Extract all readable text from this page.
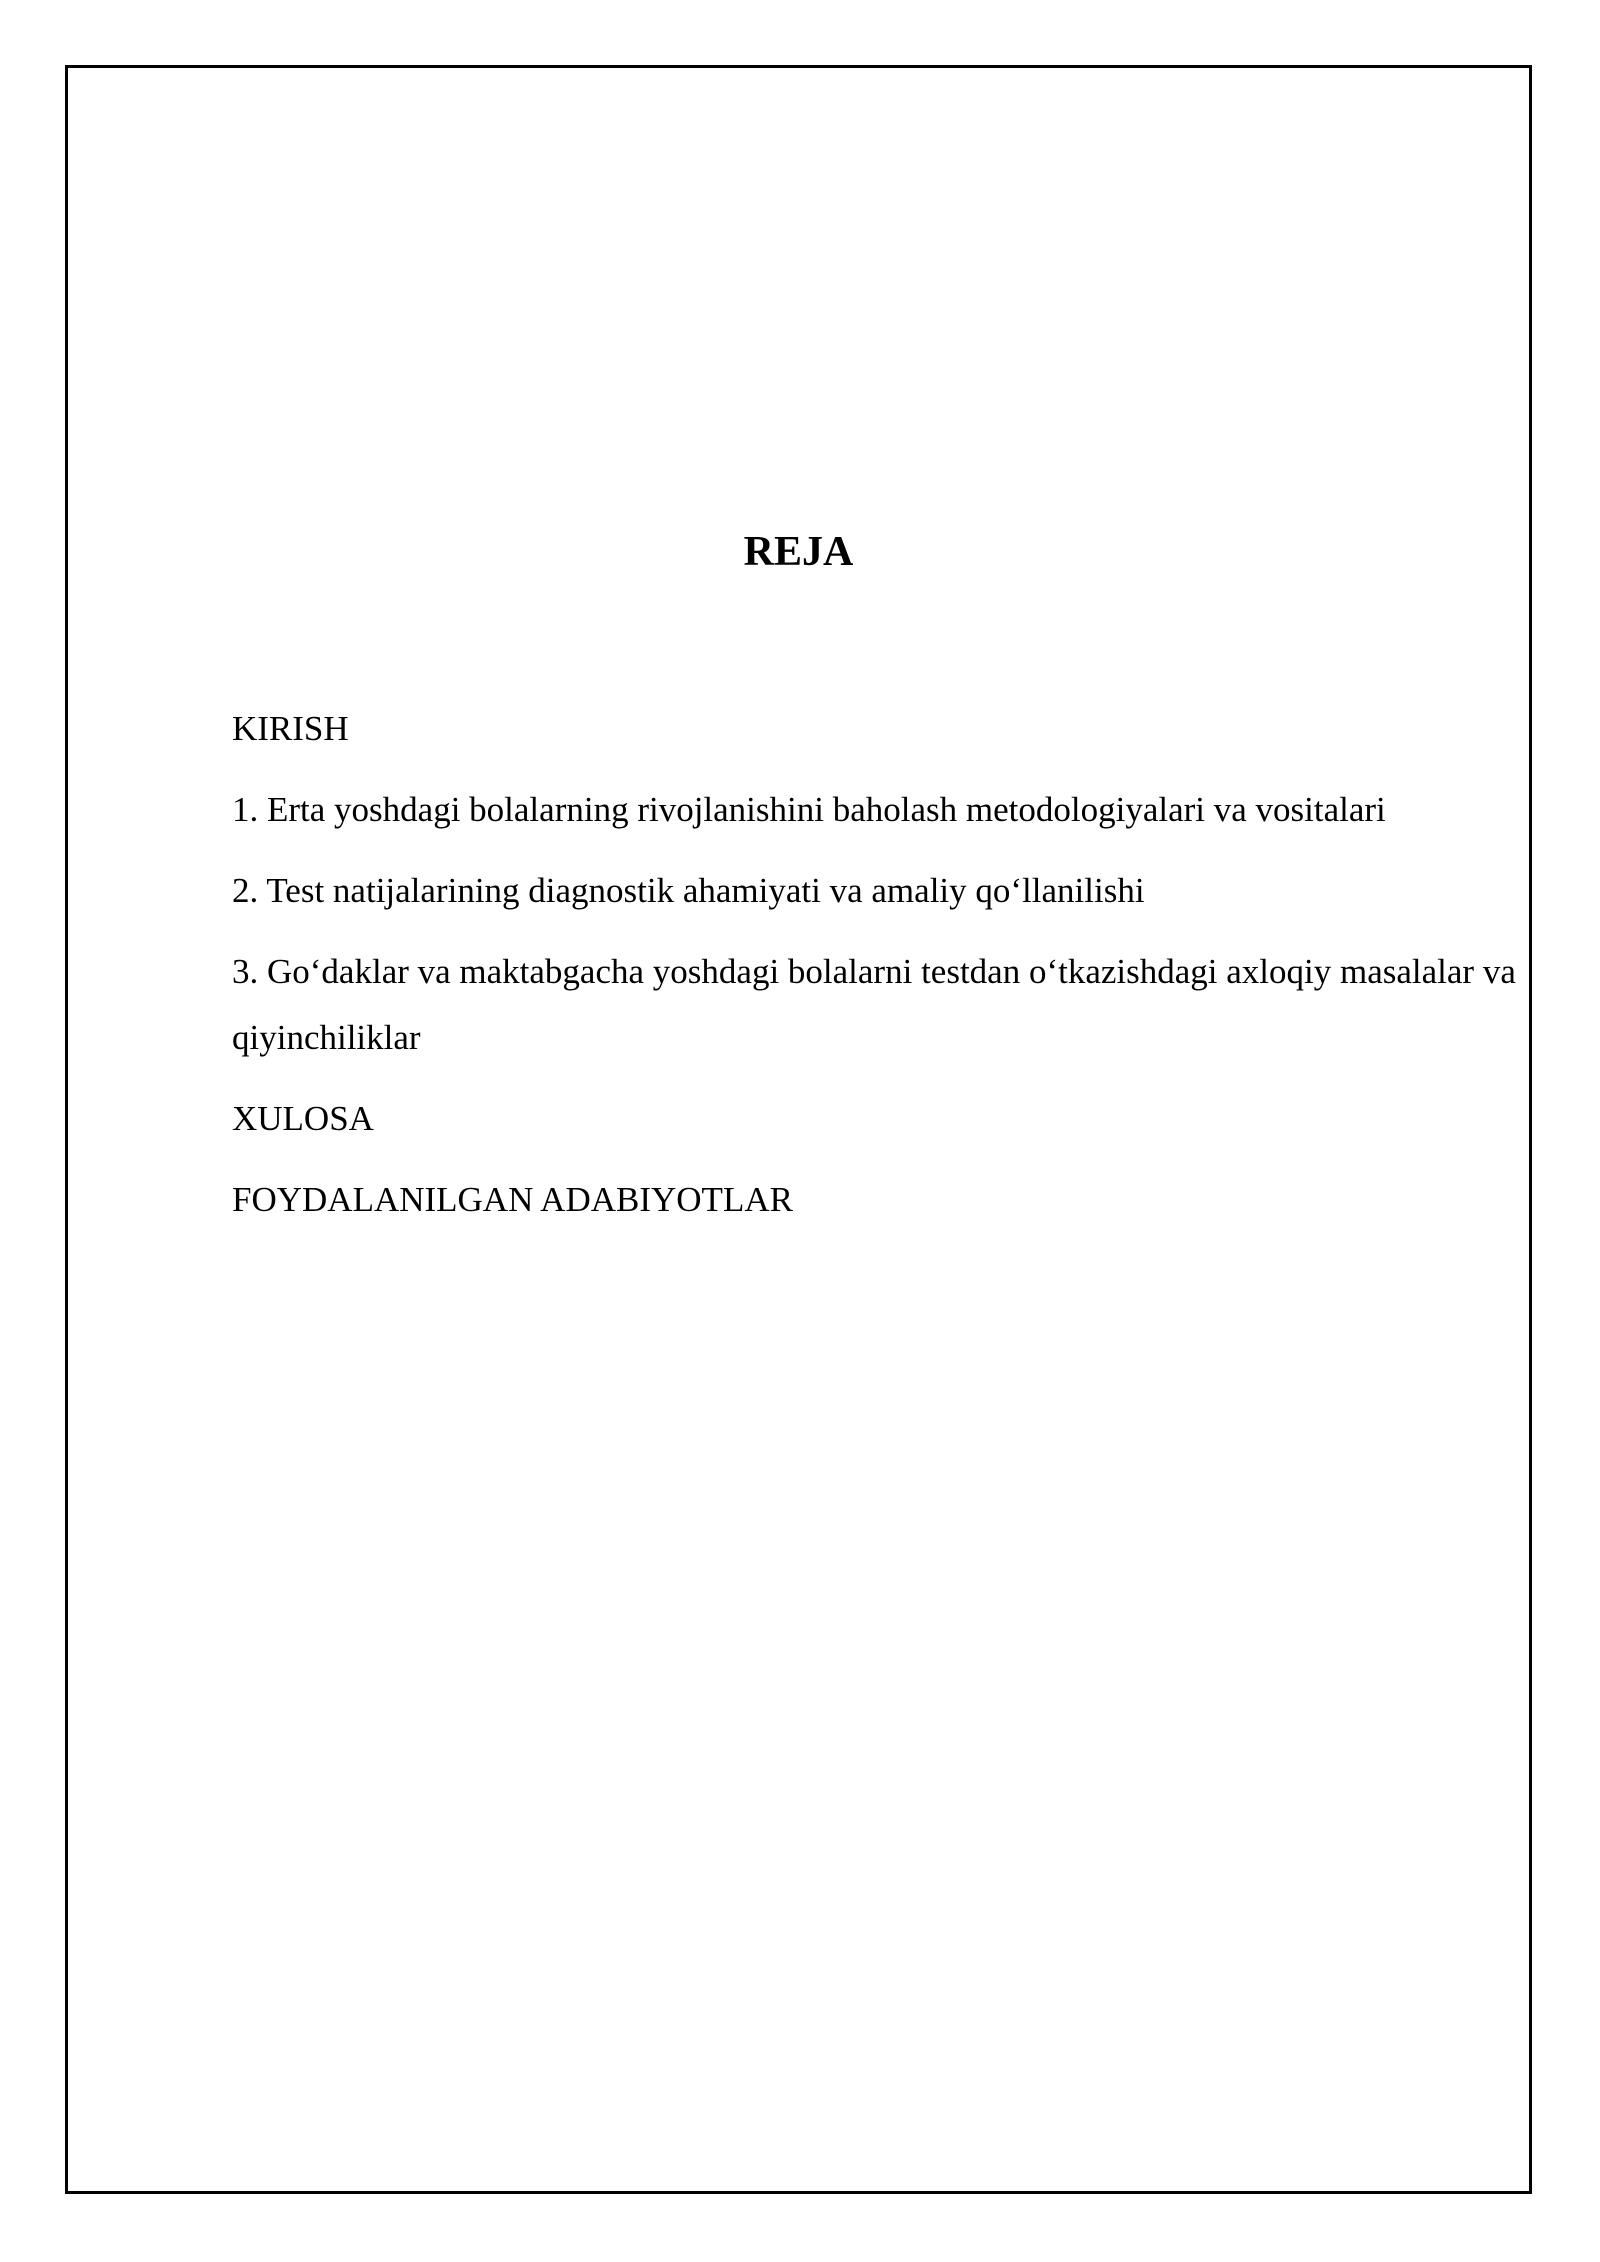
REJA
KIRISH
1. Erta yoshdagi bolalarning rivojlanishini baholash metodologiyalari va vositalari
2. Test natijalarining diagnostik ahamiyati va amaliy qo‘llanilishi
3. Go‘daklar va maktabgacha yoshdagi bolalarni testdan o‘tkazishdagi axloqiy masalalar va qiyinchiliklar
XULOSA
FOYDALANILGAN ADABIYOTLAR
